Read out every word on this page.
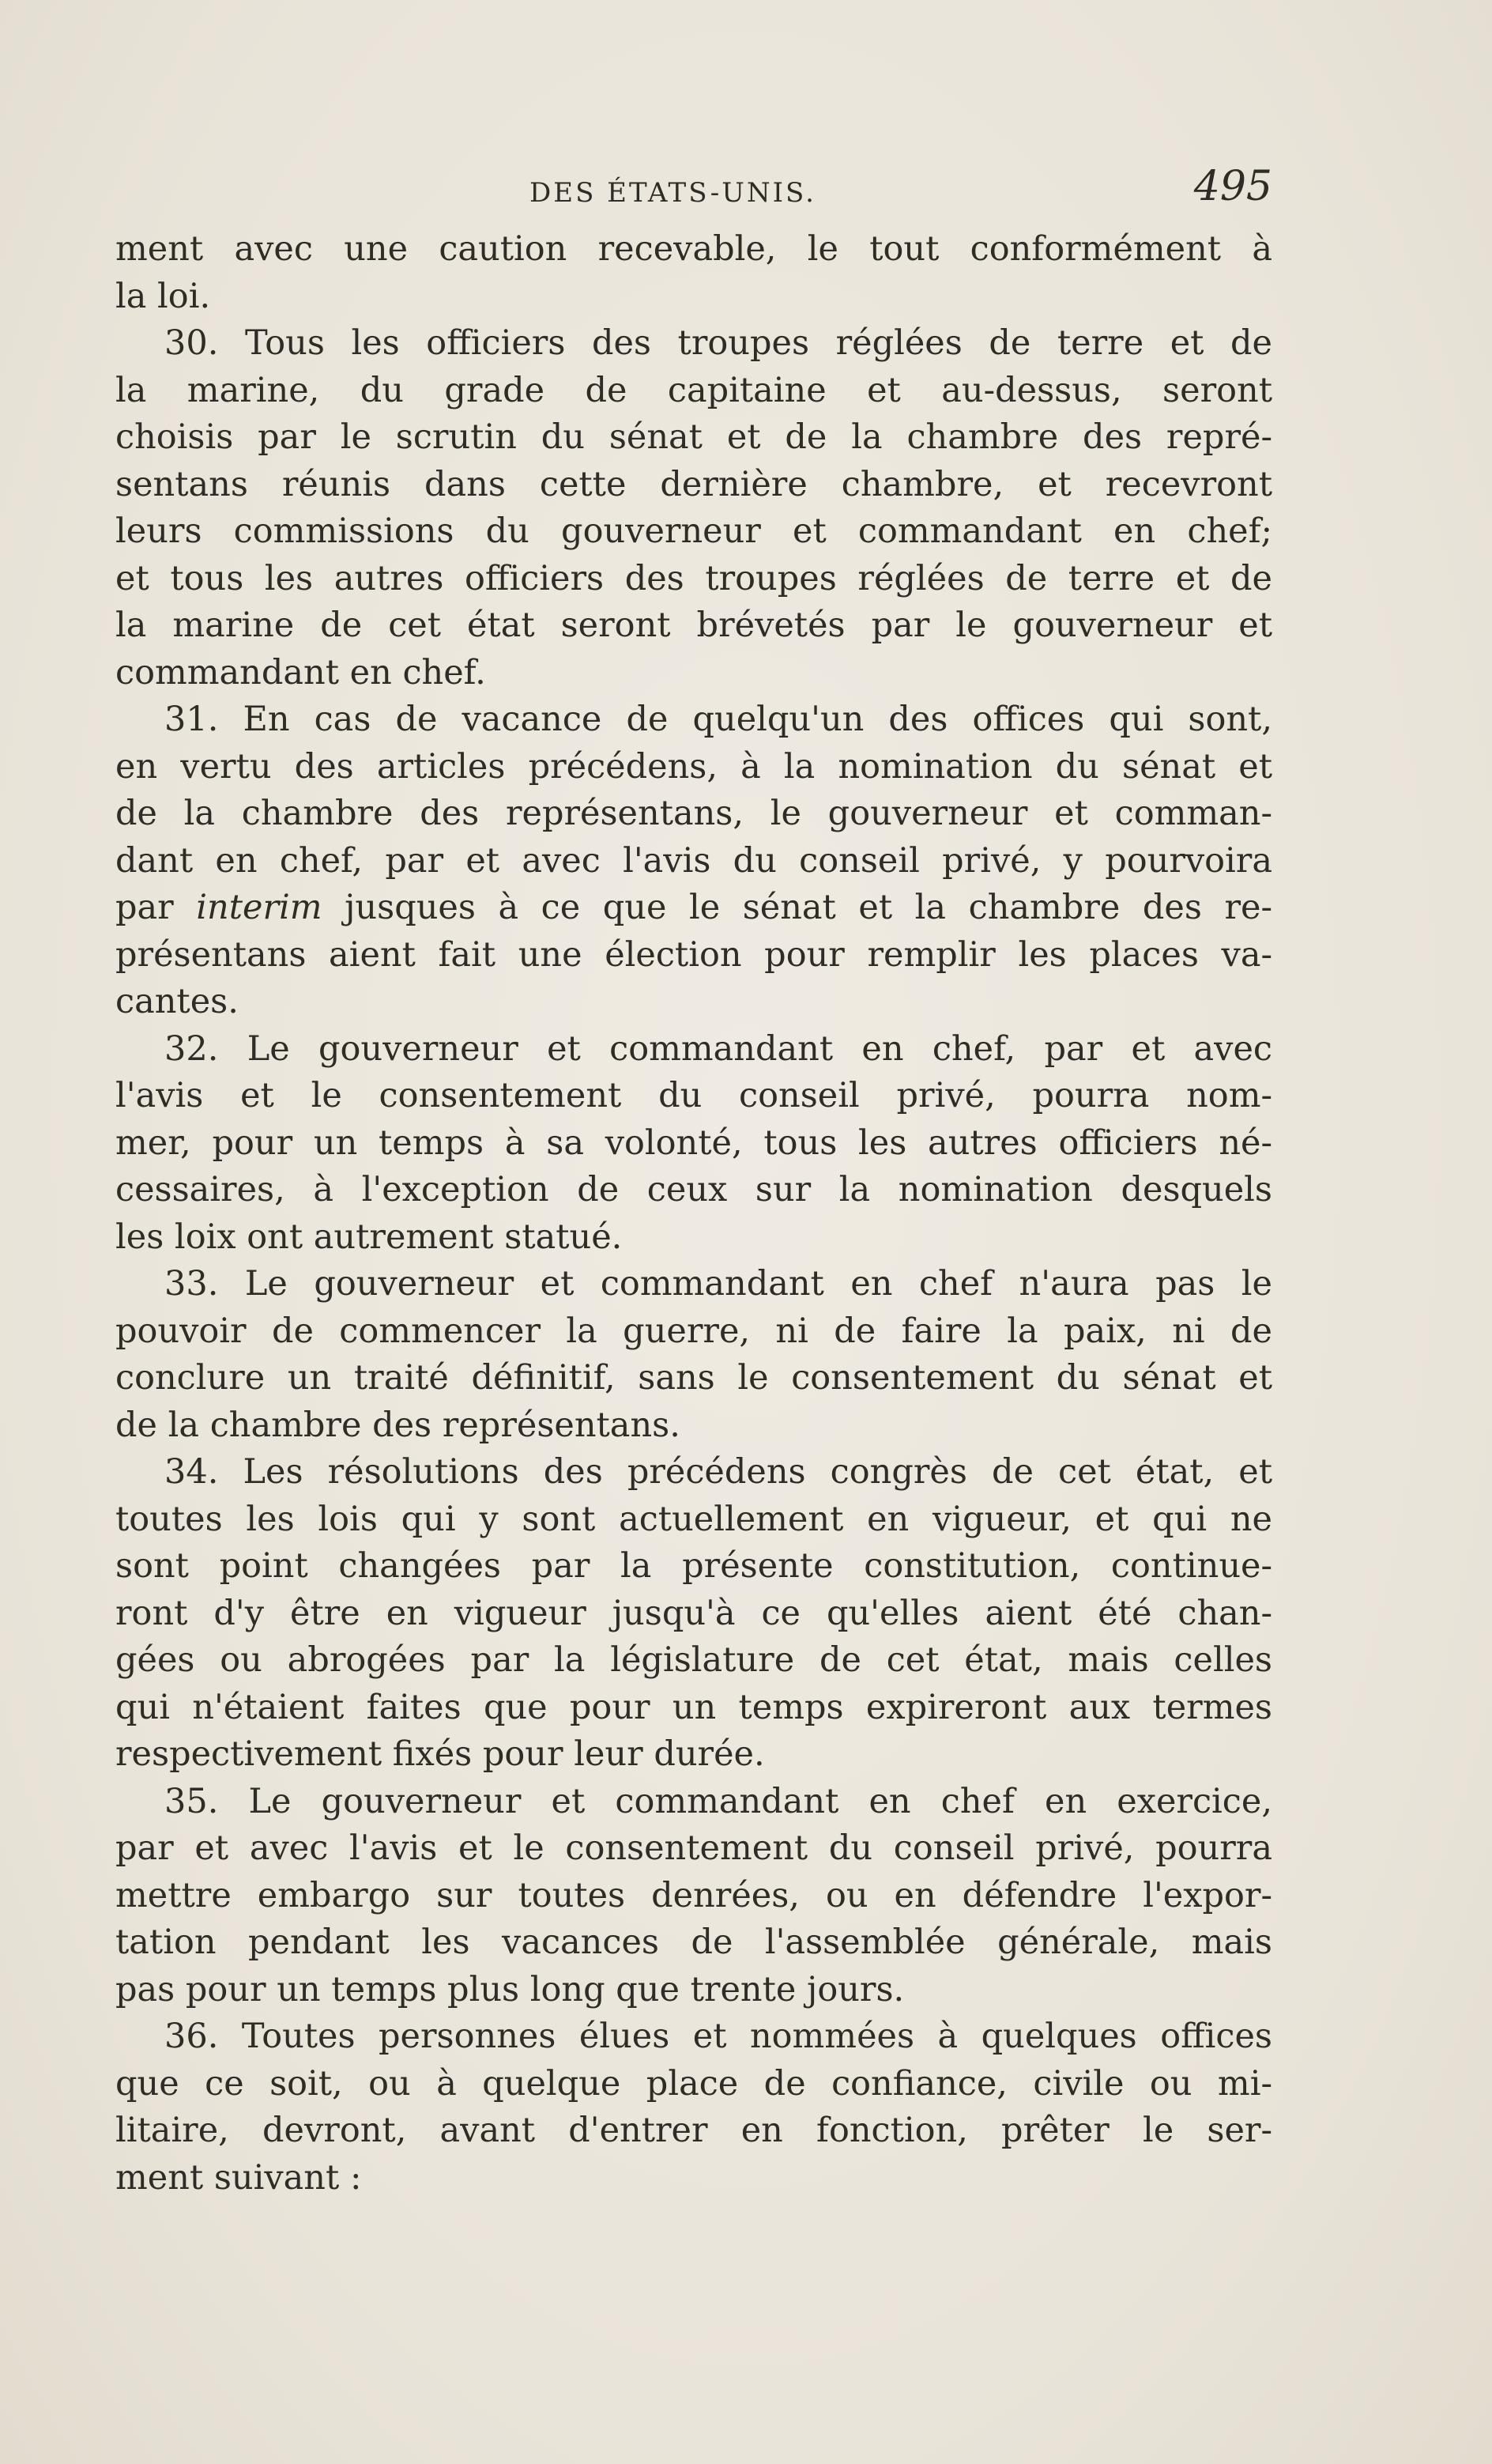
DES ÉTATS-UNIS.	495
ment avec une caution recevable, le tout conformément à
la loi.
30. Tous les officiers des troupes réglées de terre et de
la marine, du grade de capitaine et au-dessus, seront
choisis par le scrutin du sénat et de la chambre des repré-
sentans réunis dans cette dernière chambre, et recevront
leurs commissions du gouverneur et commandant en chef;
et tous les autres officiers des troupes réglées de terre et de
la marine de cet état seront brévetés par le gouverneur et
commandant en chef.
31. En cas de vacance de quelqu'un des offices qui sont,
en vertu des articles précédens, à la nomination du sénat et
de la chambre des représentans, le gouverneur et comman-
dant en chef, par et avec l'avis du conseil privé, y pourvoira
par interim jusques à ce que le sénat et la chambre des re-
présentans aient fait une élection pour remplir les places va-
cantes.
32. Le gouverneur et commandant en chef, par et avec
l'avis et le consentement du conseil privé, pourra nom-
mer, pour un temps à sa volonté, tous les autres officiers né-
cessaires, à l'exception de ceux sur la nomination desquels
les loix ont autrement statué.
33. Le gouverneur et commandant en chef n'aura pas le
pouvoir de commencer la guerre, ni de faire la paix, ni de
conclure un traité définitif, sans le consentement du sénat et
de la chambre des représentans.
34. Les résolutions des précédens congrès de cet état, et
toutes les lois qui y sont actuellement en vigueur, et qui ne
sont point changées par la présente constitution, continue-
ront d'y être en vigueur jusqu'à ce qu'elles aient été chan-
gées ou abrogées par la législature de cet état, mais celles
qui n'étaient faites que pour un temps expireront aux termes
respectivement fixés pour leur durée.
35. Le gouverneur et commandant en chef en exercice,
par et avec l'avis et le consentement du conseil privé, pourra
mettre embargo sur toutes denrées, ou en défendre l'expor-
tation pendant les vacances de l'assemblée générale, mais
pas pour un temps plus long que trente jours.
36. Toutes personnes élues et nommées à quelques offices
que ce soit, ou à quelque place de confiance, civile ou mi-
litaire, devront, avant d'entrer en fonction, prêter le ser-
ment suivant :
